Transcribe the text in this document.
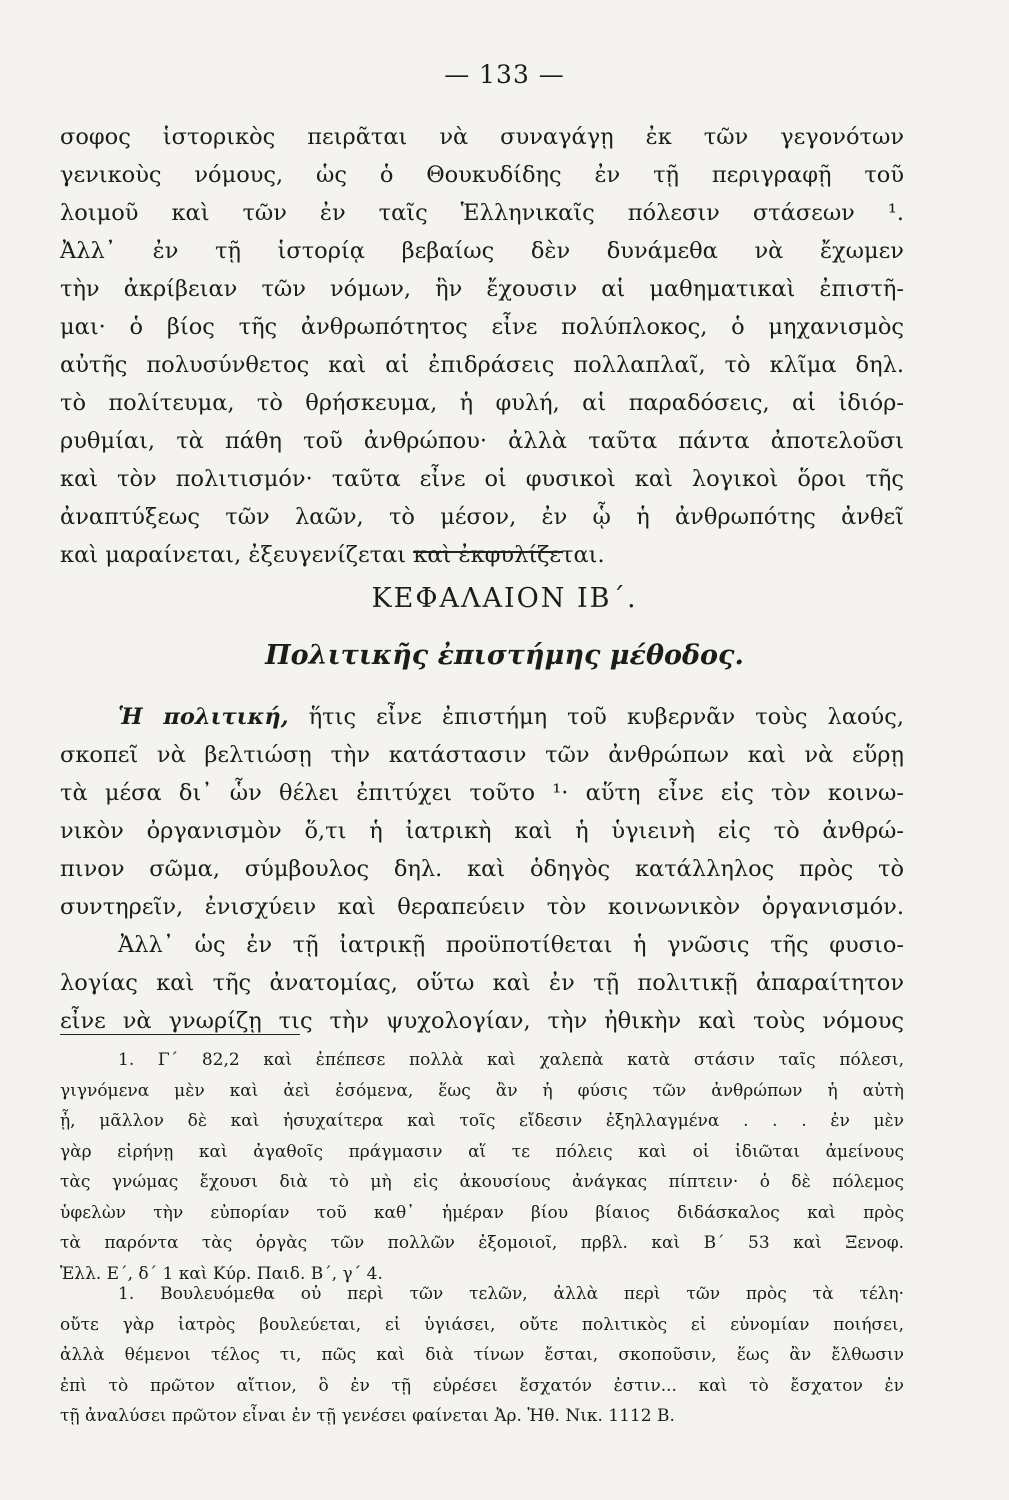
— 133 —
σοφος ἱστορικὸς πειρᾶται νὰ συναγάγῃ ἐκ τῶν γεγονότων
γενικοὺς νόμους, ὡς ὁ Θουκυδίδης ἐν τῇ περιγραφῇ τοῦ
λοιμοῦ καὶ τῶν ἐν ταῖς Ἑλληνικαῖς πόλεσιν στάσεων ¹.
Ἀλλ᾿ ἐν τῇ ἱστορίᾳ βεβαίως δὲν δυνάμεθα νὰ ἔχωμεν
τὴν ἀκρίβειαν τῶν νόμων, ἣν ἔχουσιν αἱ μαθηματικαὶ ἐπιστῆ-
μαι· ὁ βίος τῆς ἀνθρωπότητος εἶνε πολύπλοκος, ὁ μηχανισμὸς
αὐτῆς πολυσύνθετος καὶ αἱ ἐπιδράσεις πολλαπλαῖ, τὸ κλῖμα δηλ.
τὸ πολίτευμα, τὸ θρήσκευμα, ἡ φυλή, αἱ παραδόσεις, αἱ ἰδιόρ-
ρυθμίαι, τὰ πάθη τοῦ ἀνθρώπου· ἀλλὰ ταῦτα πάντα ἀποτελοῦσι
καὶ τὸν πολιτισμόν· ταῦτα εἶνε οἱ φυσικοὶ καὶ λογικοὶ ὅροι τῆς
ἀναπτύξεως τῶν λαῶν, τὸ μέσον, ἐν ᾧ ἡ ἀνθρωπότης ἀνθεῖ
καὶ μαραίνεται, ἐξευγενίζεται καὶ ἐκφυλίζεται.
ΚΕΦΑΛΑΙΟΝ ΙΒ΄.
Πολιτικῆς ἐπιστήμης μέθοδος.
Ἡ πολιτική, ἥτις εἶνε ἐπιστήμη τοῦ κυβερνᾶν τοὺς λαούς,
σκοπεῖ νὰ βελτιώσῃ τὴν κατάστασιν τῶν ἀνθρώπων καὶ νὰ εὕρῃ
τὰ μέσα δι᾿ ὧν θέλει ἐπιτύχει τοῦτο ¹· αὕτη εἶνε εἰς τὸν κοινω-
νικὸν ὀργανισμὸν ὅ,τι ἡ ἰατρικὴ καὶ ἡ ὑγιεινὴ εἰς τὸ ἀνθρώ-
πινον σῶμα, σύμβουλος δηλ. καὶ ὁδηγὸς κατάλληλος πρὸς τὸ
συντηρεῖν, ἐνισχύειν καὶ θεραπεύειν τὸν κοινωνικὸν ὀργανισμόν.
Ἀλλ᾿ ὡς ἐν τῇ ἰατρικῇ προϋποτίθεται ἡ γνῶσις τῆς φυσιο-
λογίας καὶ τῆς ἀνατομίας, οὕτω καὶ ἐν τῇ πολιτικῇ ἀπαραίτητον
εἶνε νὰ γνωρίζῃ τις τὴν ψυχολογίαν, τὴν ἠθικὴν καὶ τοὺς νόμους
1. Γ΄ 82,2 καὶ ἐπέπεσε πολλὰ καὶ χαλεπὰ κατὰ στάσιν ταῖς πόλεσι,
γιγνόμενα μὲν καὶ ἀεὶ ἐσόμενα, ἕως ἂν ἡ φύσις τῶν ἀνθρώπων ἡ αὐτὴ
ᾖ, μᾶλλον δὲ καὶ ἡσυχαίτερα καὶ τοῖς εἴδεσιν ἐξηλλαγμένα . . . ἐν μὲν
γὰρ εἰρήνῃ καὶ ἀγαθοῖς πράγμασιν αἵ τε πόλεις καὶ οἱ ἰδιῶται ἀμείνους
τὰς γνώμας ἔχουσι διὰ τὸ μὴ εἰς ἀκουσίους ἀνάγκας πίπτειν· ὁ δὲ πόλεμος
ὑφελὼν τὴν εὐπορίαν τοῦ καθ᾿ ἡμέραν βίου βίαιος διδάσκαλος καὶ πρὸς
τὰ παρόντα τὰς ὀργὰς τῶν πολλῶν ἐξομοιοῖ, πρβλ. καὶ Β΄ 53 καὶ Ξενοφ.
Ἑλλ. Ε΄, δ΄ 1 καὶ Κύρ. Παιδ. Β΄, γ΄ 4.
1. Βουλευόμεθα οὐ περὶ τῶν τελῶν, ἀλλὰ περὶ τῶν πρὸς τὰ τέλη·
οὔτε γὰρ ἰατρὸς βουλεύεται, εἰ ὑγιάσει, οὔτε πολιτικὸς εἰ εὐνομίαν ποιήσει,
ἀλλὰ θέμενοι τέλος τι, πῶς καὶ διὰ τίνων ἔσται, σκοποῦσιν, ἕως ἂν ἔλθωσιν
ἐπὶ τὸ πρῶτον αἴτιον, ὃ ἐν τῇ εὑρέσει ἔσχατόν ἐστιν... καὶ τὸ ἔσχατον ἐν
τῇ ἀναλύσει πρῶτον εἶναι ἐν τῇ γενέσει φαίνεται Ἀρ. Ἠθ. Νικ. 1112 Β.
